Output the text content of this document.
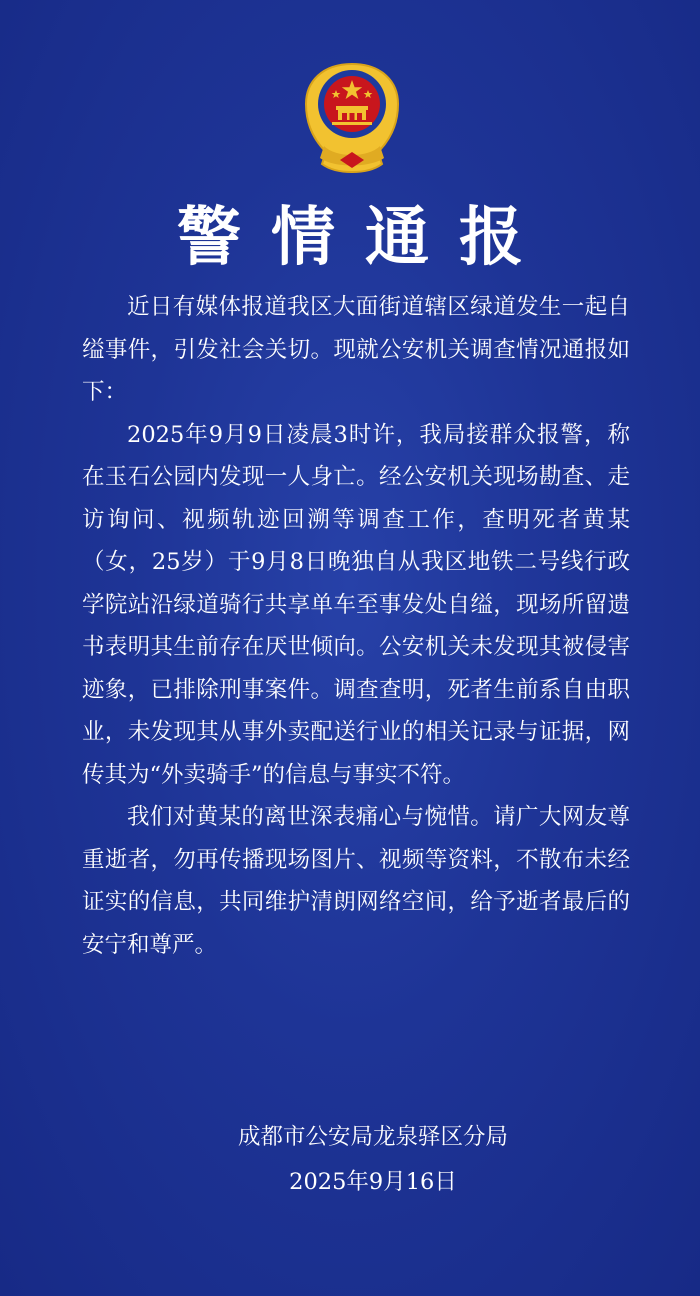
警情通报

近日有媒体报道我区大面街道辖区绿道发生一起自缢事件，引发社会关切。现就公安机关调查情况通报如下：

2025年9月9日凌晨3时许，我局接群众报警，称在玉石公园内发现一人身亡。经公安机关现场勘查、走访询问、视频轨迹回溯等调查工作，查明死者黄某（女，25岁）于9月8日晚独自从我区地铁二号线行政学院站沿绿道骑行共享单车至事发处自缢，现场所留遗书表明其生前存在厌世倾向。公安机关未发现其被侵害迹象，已排除刑事案件。调查查明，死者生前系自由职业，未发现其从事外卖配送行业的相关记录与证据，网传其为“外卖骑手”的信息与事实不符。

我们对黄某的离世深表痛心与惋惜。请广大网友尊重逝者，勿再传播现场图片、视频等资料，不散布未经证实的信息，共同维护清朗网络空间，给予逝者最后的安宁和尊严。

成都市公安局龙泉驿区分局
2025年9月16日
